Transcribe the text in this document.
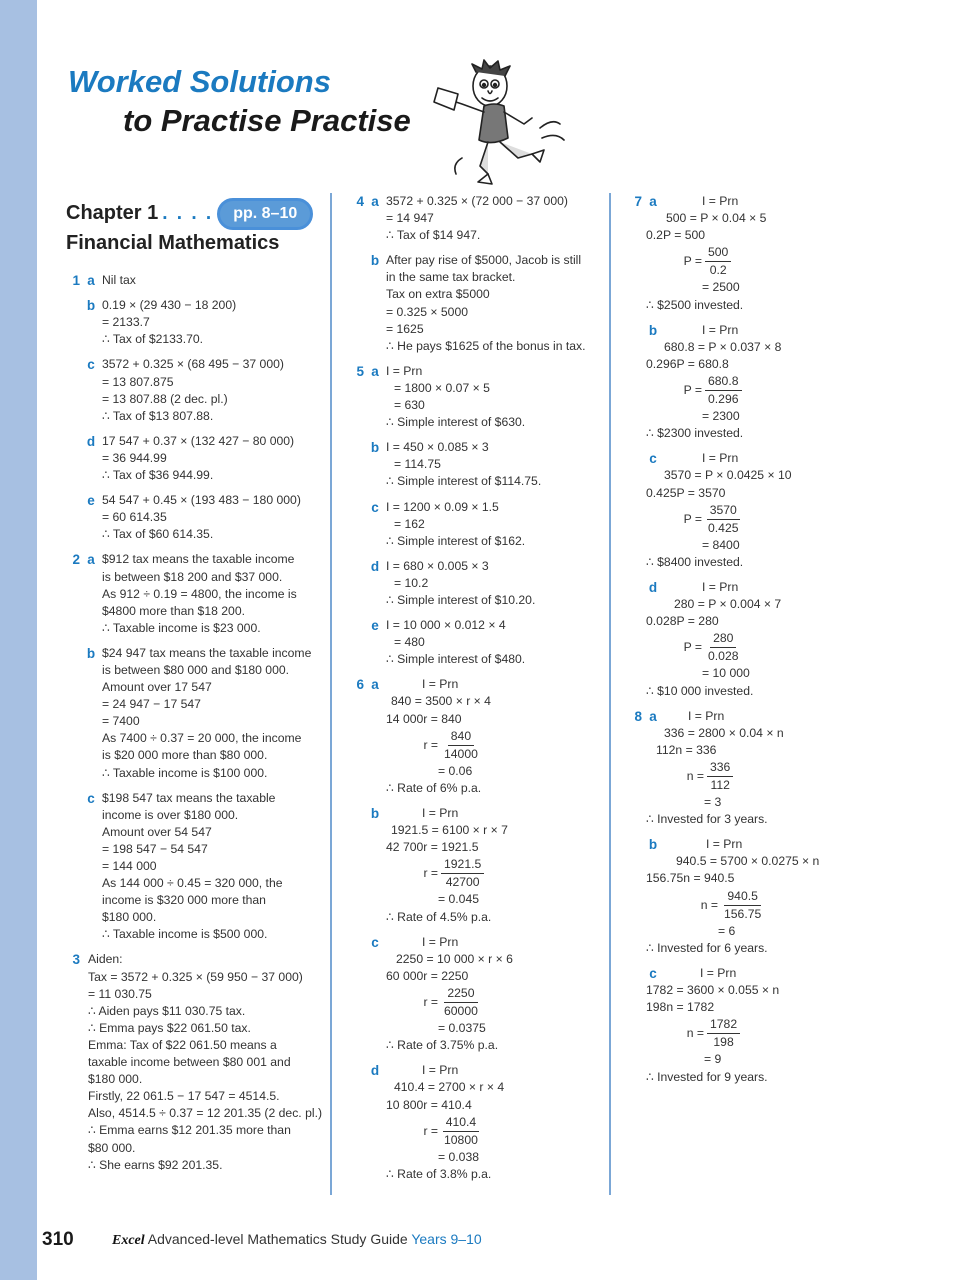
Worked Solutions
to Practise Practise
Chapter 1 . . . .	pp. 8–10
Financial Mathematics
1 a Nil tax
b 0.19 × (29 430 − 18 200)
= 2133.7
∴ Tax of $2133.70.
c 3572 + 0.325 × (68 495 − 37 000)
= 13 807.875
= 13 807.88 (2 dec. pl.)
∴ Tax of $13 807.88.
d 17 547 + 0.37 × (132 427 − 80 000)
= 36 944.99
∴ Tax of $36 944.99.
e 54 547 + 0.45 × (193 483 − 180 000)
= 60 614.35
∴ Tax of $60 614.35.
2 a $912 tax means the taxable income
is between $18 200 and $37 000.
As 912 ÷ 0.19 = 4800, the income is
$4800 more than $18 200.
∴ Taxable income is $23 000.
b $24 947 tax means the taxable income
is between $80 000 and $180 000.
Amount over 17 547
= 24 947 − 17 547
= 7400
As 7400 ÷ 0.37 = 20 000, the income
is $20 000 more than $80 000.
∴ Taxable income is $100 000.
c $198 547 tax means the taxable
income is over $180 000.
Amount over 54 547
= 198 547 − 54 547
= 144 000
As 144 000 ÷ 0.45 = 320 000, the
income is $320 000 more than
$180 000.
∴ Taxable income is $500 000.
3 Aiden:
Tax = 3572 + 0.325 × (59 950 − 37 000)
= 11 030.75
∴ Aiden pays $11 030.75 tax.
∴ Emma pays $22 061.50 tax.
Emma: Tax of $22 061.50 means a
taxable income between $80 001 and
$180 000.
Firstly, 22 061.5 − 17 547 = 4514.5.
Also, 4514.5 ÷ 0.37 = 12 201.35 (2 dec. pl.)
∴ Emma earns $12 201.35 more than
$80 000.
∴ She earns $92 201.35.
4 a 3572 + 0.325 × (72 000 − 37 000)
= 14 947
∴ Tax of $14 947.
b After pay rise of $5000, Jacob is still
in the same tax bracket.
Tax on extra $5000
= 0.325 × 5000
= 1625
∴ He pays $1625 of the bonus in tax.
5 a I = Prn
= 1800 × 0.07 × 5
= 630
∴ Simple interest of $630.
b I = 450 × 0.085 × 3
= 114.75
∴ Simple interest of $114.75.
c I = 1200 × 0.09 × 1.5
= 162
∴ Simple interest of $162.
d I = 680 × 0.005 × 3
= 10.2
∴ Simple interest of $10.20.
e I = 10 000 × 0.012 × 4
= 480
∴ Simple interest of $480.
6 a	I = Prn
840 = 3500 × r × 4
14 000r = 840
$r = \frac{840}{14000}$
= 0.06
∴ Rate of 6% p.a.
b	I = Prn
1921.5 = 6100 × r × 7
42 700r = 1921.5
$r = \frac{1921.5}{42700}$
= 0.045
∴ Rate of 4.5% p.a.
c	I = Prn
2250 = 10 000 × r × 6
60 000r = 2250
$r = \frac{2250}{60000}$
= 0.0375
∴ Rate of 3.75% p.a.
d	I = Prn
410.4 = 2700 × r × 4
10 800r = 410.4
$r = \frac{410.4}{10800}$
= 0.038
∴ Rate of 3.8% p.a.
7 a	I = Prn
500 = P × 0.04 × 5
0.2P = 500
$P = \frac{500}{0.2}$
= 2500
∴ $2500 invested.
b	I = Prn
680.8 = P × 0.037 × 8
0.296P = 680.8
$P = \frac{680.8}{0.296}$
= 2300
∴ $2300 invested.
c	I = Prn
3570 = P × 0.0425 × 10
0.425P = 3570
$P = \frac{3570}{0.425}$
= 8400
∴ $8400 invested.
d	I = Prn
280 = P × 0.004 × 7
0.028P = 280
$P = \frac{280}{0.028}$
= 10 000
∴ $10 000 invested.
8 a	I = Prn
336 = 2800 × 0.04 × n
112n = 336
$n = \frac{336}{112}$
= 3
∴ Invested for 3 years.
b	I = Prn
940.5 = 5700 × 0.0275 × n
156.75n = 940.5
$n = \frac{940.5}{156.75}$
= 6
∴ Invested for 6 years.
c	I = Prn
1782 = 3600 × 0.055 × n
198n = 1782
$n = \frac{1782}{198}$
= 9
∴ Invested for 9 years.
310	Excel Advanced-level Mathematics Study Guide Years 9–10
